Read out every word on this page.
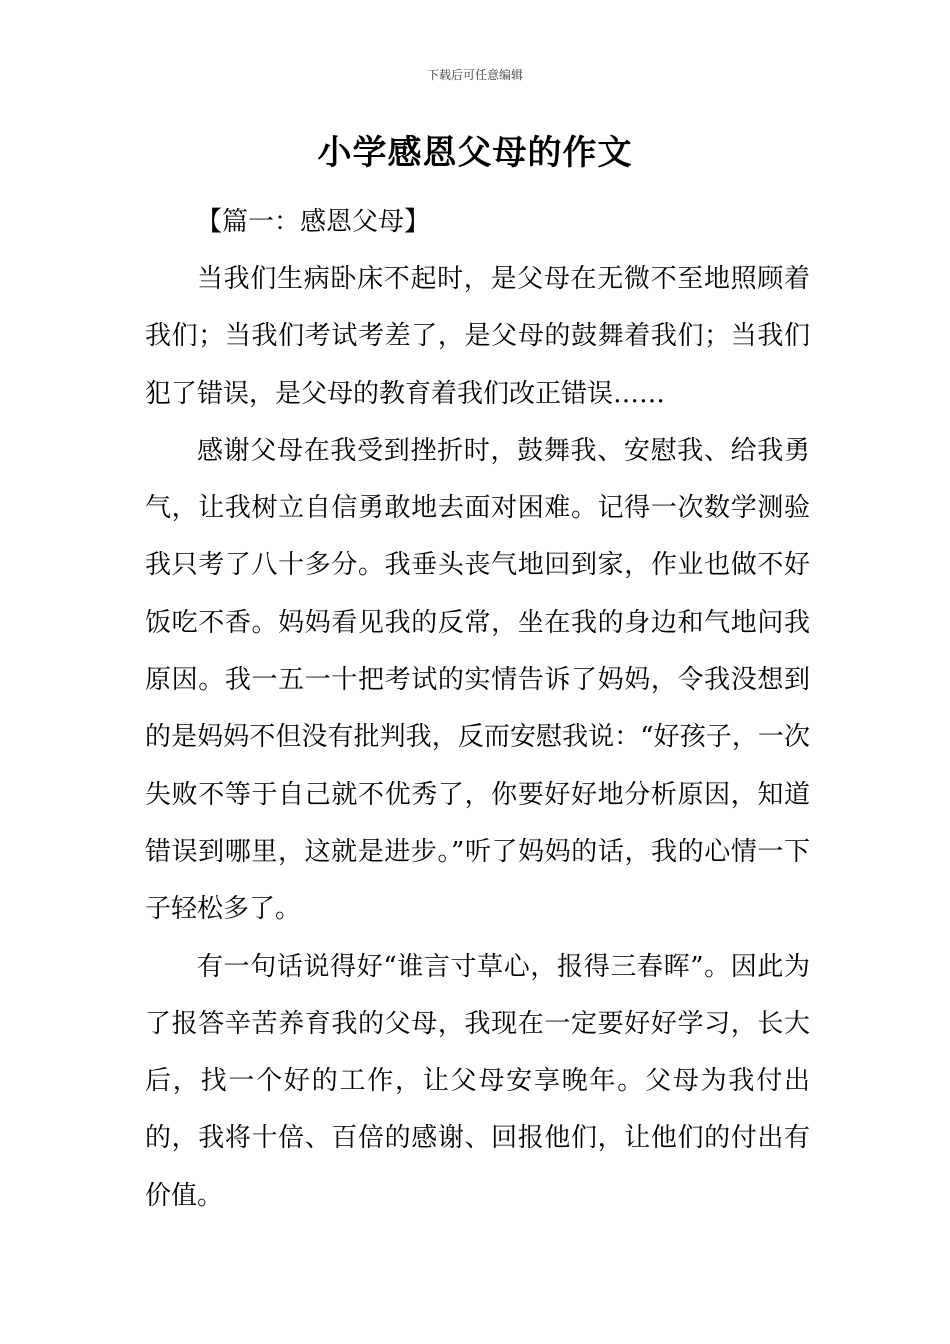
下载后可任意编辑
小学感恩父母的作文
【篇一：感恩父母】

当我们生病卧床不起时，是父母在无微不至地照顾着我们；当我们考试考差了，是父母的鼓舞着我们；当我们犯了错误，是父母的教育着我们改正错误……

感谢父母在我受到挫折时，鼓舞我、安慰我、给我勇气，让我树立自信勇敢地去面对困难。记得一次数学测验我只考了八十多分。我垂头丧气地回到家，作业也做不好饭吃不香。妈妈看见我的反常，坐在我的身边和气地问我原因。我一五一十把考试的实情告诉了妈妈，令我没想到的是妈妈不但没有批判我，反而安慰我说：“好孩子，一次失败不等于自己就不优秀了，你要好好地分析原因，知道错误到哪里，这就是进步。”听了妈妈的话，我的心情一下子轻松多了。

有一句话说得好“谁言寸草心，报得三春晖”。因此为了报答辛苦养育我的父母，我现在一定要好好学习，长大后，找一个好的工作，让父母安享晚年。父母为我付出的，我将十倍、百倍的感谢、回报他们，让他们的付出有价值。
